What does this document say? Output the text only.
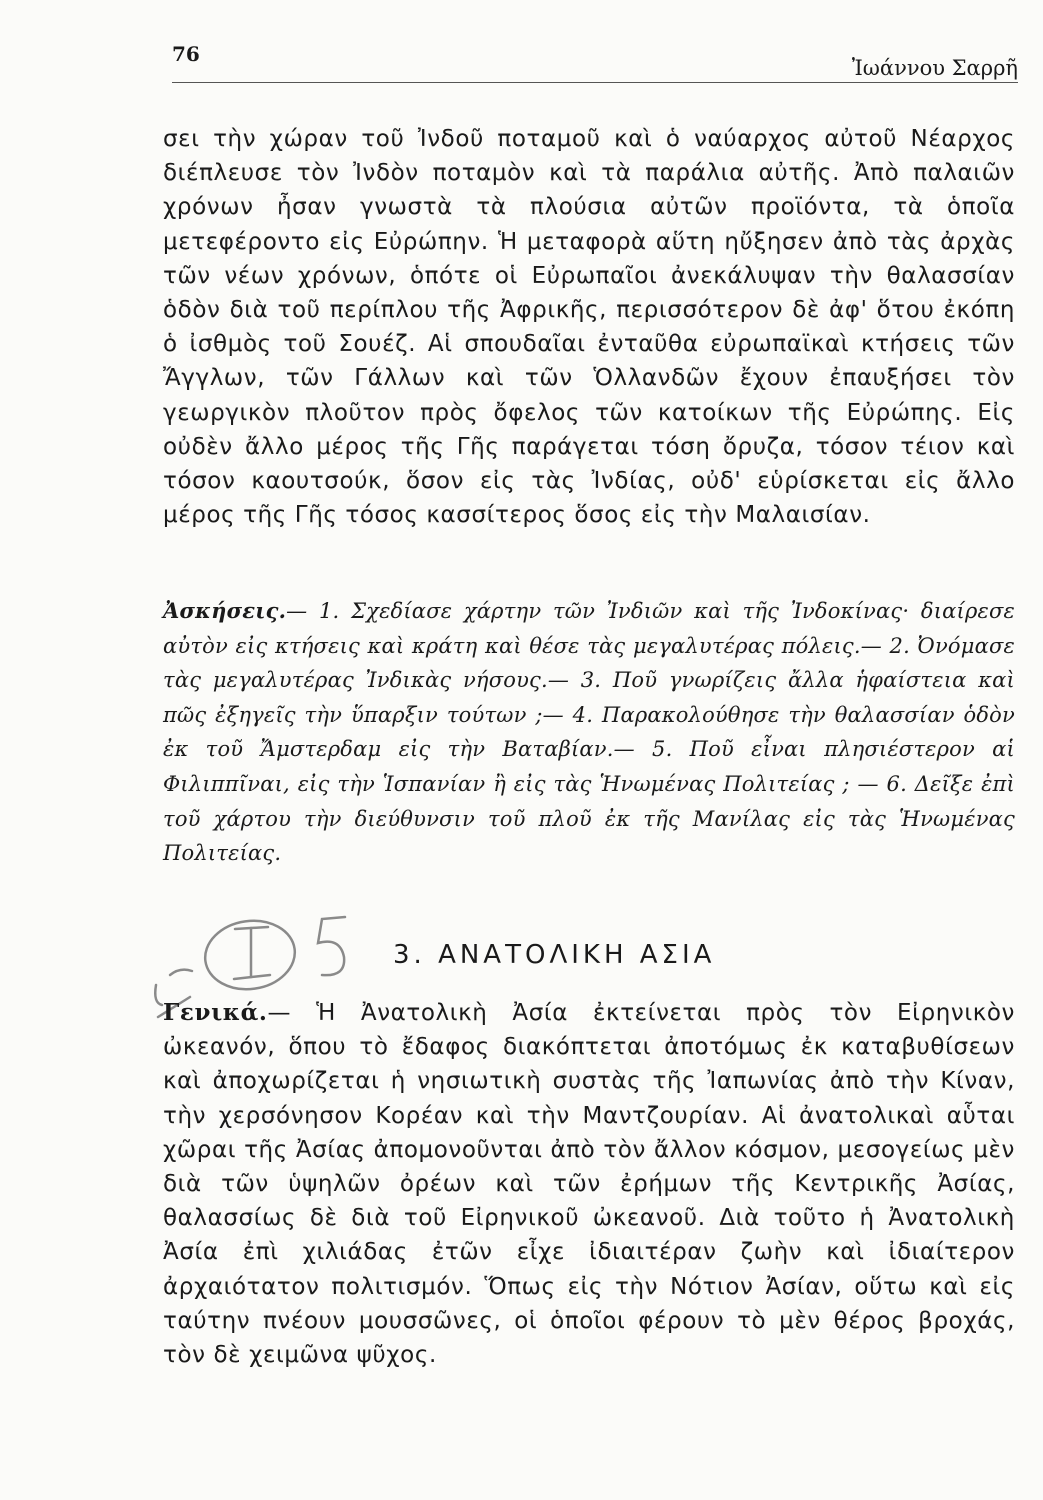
76
Ἰωάννου Σαρρῆ

σει τὴν χώραν τοῦ Ἰνδοῦ ποταμοῦ καὶ ὁ ναύαρχος αὐτοῦ Νέαρχος διέπλευσε τὸν Ἰνδὸν ποταμὸν καὶ τὰ παράλια αὐτῆς. Ἀπὸ παλαιῶν χρόνων ἦσαν γνωστὰ τὰ πλούσια αὐτῶν προϊόντα, τὰ ὁποῖα μετεφέροντο εἰς Εὐρώπην. Ἡ μεταφορὰ αὕτη ηὔξησεν ἀπὸ τὰς ἀρχὰς τῶν νέων χρόνων, ὁπότε οἱ Εὐρωπαῖοι ἀνεκάλυψαν τὴν θαλασσίαν ὁδὸν διὰ τοῦ περίπλου τῆς Ἀφρικῆς, περισσότερον δὲ ἀφ' ὅτου ἐκόπη ὁ ἰσθμὸς τοῦ Σουέζ. Αἱ σπουδαῖαι ἐνταῦθα εὐρωπαϊκαὶ κτήσεις τῶν Ἄγγλων, τῶν Γάλλων καὶ τῶν Ὁλλανδῶν ἔχουν ἐπαυξήσει τὸν γεωργικὸν πλοῦτον πρὸς ὄφελος τῶν κατοίκων τῆς Εὐρώπης. Εἰς οὐδὲν ἄλλο μέρος τῆς Γῆς παράγεται τόση ὄρυζα, τόσον τέιον καὶ τόσον καουτσούκ, ὅσον εἰς τὰς Ἰνδίας, οὐδ' εὑρίσκεται εἰς ἄλλο μέρος τῆς Γῆς τόσος κασσίτερος ὅσος εἰς τὴν Μαλαισίαν.

Ἀσκήσεις.— 1. Σχεδίασε χάρτην τῶν Ἰνδιῶν καὶ τῆς Ἰνδοκίνας· διαίρεσε αὐτὸν εἰς κτήσεις καὶ κράτη καὶ θέσε τὰς μεγαλυτέρας πόλεις.— 2. Ὀνόμασε τὰς μεγαλυτέρας Ἰνδικὰς νήσους.— 3. Ποῦ γνωρίζεις ἄλλα ἡφαίστεια καὶ πῶς ἐξηγεῖς τὴν ὕπαρξιν τούτων ;— 4. Παρακολούθησε τὴν θαλασσίαν ὁδὸν ἐκ τοῦ Ἄμστερδαμ εἰς τὴν Βαταβίαν.— 5. Ποῦ εἶναι πλησιέστερον αἱ Φιλιππῖναι, εἰς τὴν Ἱσπανίαν ἢ εἰς τὰς Ἡνωμένας Πολιτείας ; — 6. Δεῖξε ἐπὶ τοῦ χάρτου τὴν διεύθυνσιν τοῦ πλοῦ ἐκ τῆς Μανίλας εἰς τὰς Ἡνωμένας Πολιτείας.

3. ΑΝΑΤΟΛΙΚΗ ΑΣΙΑ

Γενικά.— Ἡ Ἀνατολικὴ Ἀσία ἐκτείνεται πρὸς τὸν Εἰρηνικὸν ὠκεανόν, ὅπου τὸ ἔδαφος διακόπτεται ἀποτόμως ἐκ καταβυθίσεων καὶ ἀποχωρίζεται ἡ νησιωτικὴ συστὰς τῆς Ἰαπωνίας ἀπὸ τὴν Κίναν, τὴν χερσόνησον Κορέαν καὶ τὴν Μαντζουρίαν. Αἱ ἀνατολικαὶ αὗται χῶραι τῆς Ἀσίας ἀπομονοῦνται ἀπὸ τὸν ἄλλον κόσμον, μεσογείως μὲν διὰ τῶν ὑψηλῶν ὀρέων καὶ τῶν ἐρήμων τῆς Κεντρικῆς Ἀσίας, θαλασσίως δὲ διὰ τοῦ Εἰρηνικοῦ ὠκεανοῦ. Διὰ τοῦτο ἡ Ἀνατολικὴ Ἀσία ἐπὶ χιλιάδας ἐτῶν εἶχε ἰδιαιτέραν ζωὴν καὶ ἰδιαίτερον ἀρχαιότατον πολιτισμόν. Ὅπως εἰς τὴν Νότιον Ἀσίαν, οὕτω καὶ εἰς ταύτην πνέουν μουσσῶνες, οἱ ὁποῖοι φέρουν τὸ μὲν θέρος βροχάς, τὸν δὲ χειμῶνα ψῦχος.
